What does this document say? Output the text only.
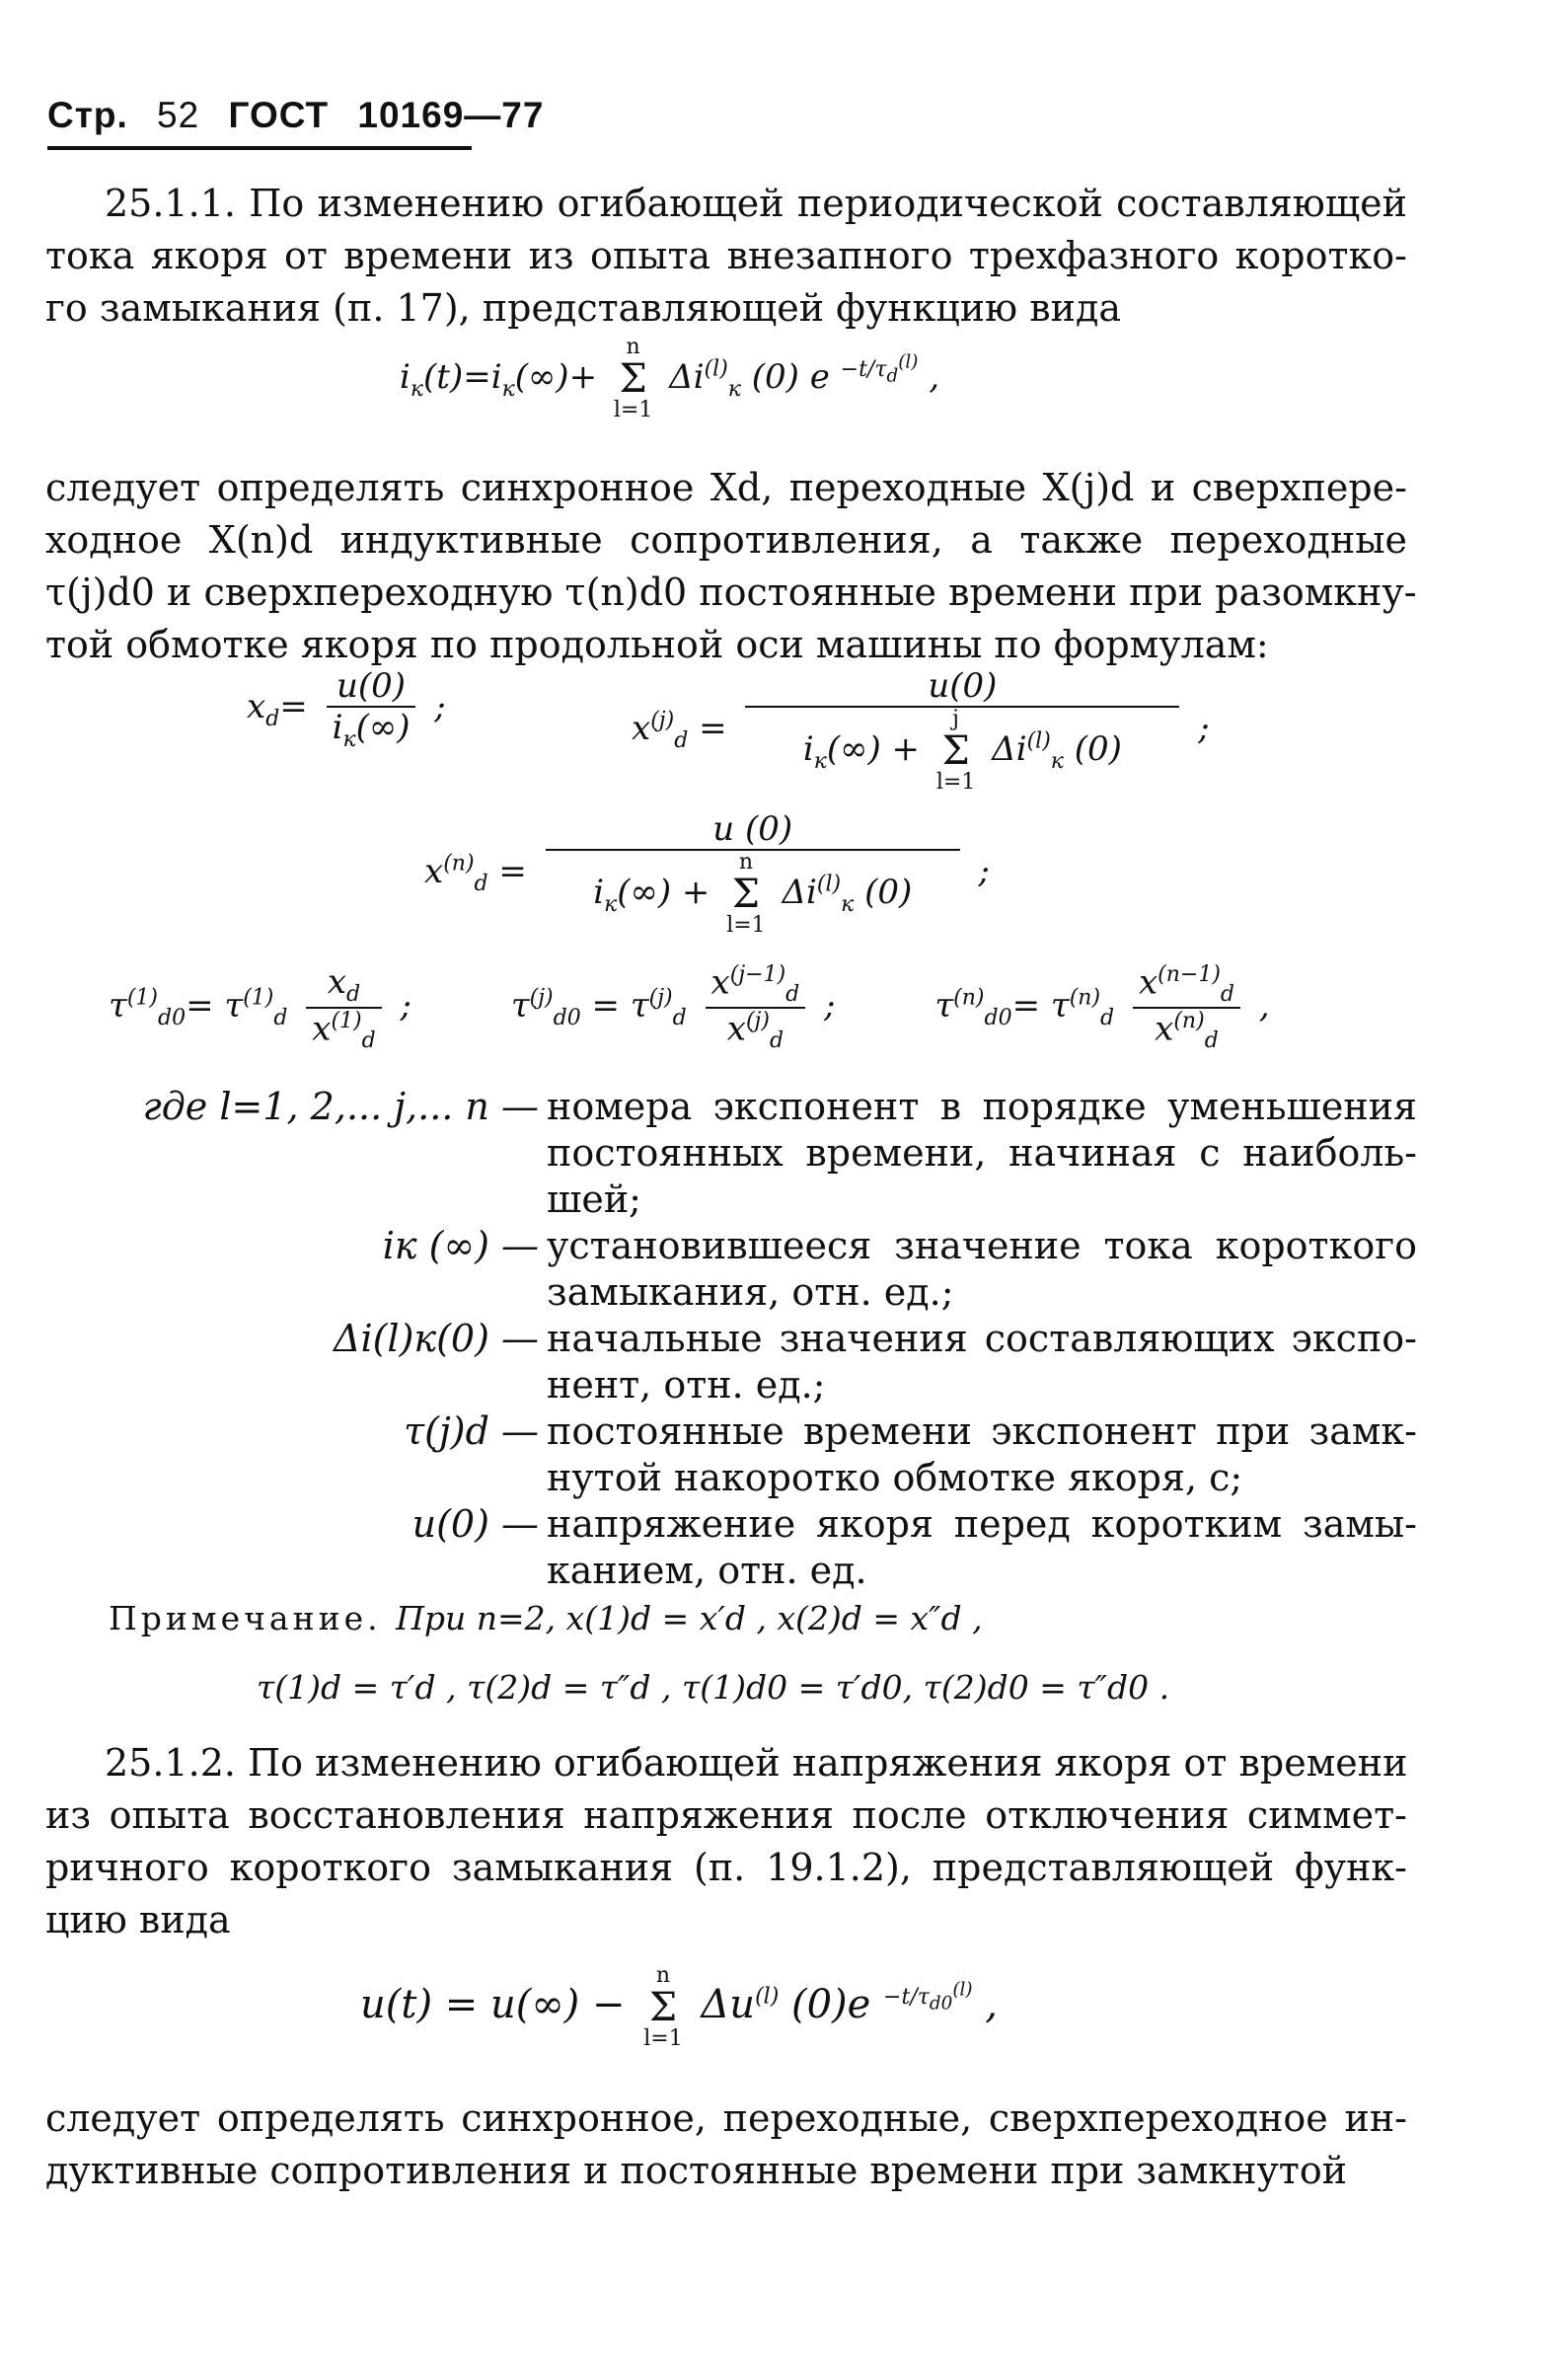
Стр. 52 ГОСТ 10169—77
25.1.1. По изменению огибающей периодической составляющей
тока якоря от времени из опыта внезапного трехфазного коротко-
го замыкания (п. 17), представляющей функцию вида
$i_к(t)=i_к(\infty)+ n$
Σ
l=1 $\Delta i^{(l)}_к$ (0) e $^{-t/\tau_d^{(l)}}$ ,
следует определять синхронное Xd, переходные X(j)d и сверхпере-
ходное X(n)d индуктивные сопротивления, а также переходные
τ(j)d0 и сверхпереходную τ(n)d0 постоянные времени при разомкну-
той обмотке якоря по продольной оси машины по формулам:
$x_d= \frac{u(0)}{i_к(\infty)}$ ;
$x^{(j)}_d = u(0)$
$i_к(\infty) + j$
Σ
l=1 $\Delta i^{(l)}_к$ (0) ;
$x^{(n)}_d = u$ (0)
$i_к(\infty) + n$
Σ
l=1 $\Delta i^{(l)}_к$ (0) ;
$\tau^{(1)}_{d0}= \tau^{(1)}_d \frac{x_d}{x^{(1)}_d}$ ;	$\tau^{(j)}_{d0} = \tau^{(j)}_d \frac{x^{(j-1)}_d}{x^{(j)}_d}$ ;	$\tau^{(n)}_{d0}= \tau^{(n)}_d \frac{x^{(n-1)}_d}{x^{(n)}_d}$ ,
где l=1, 2,... j,... n — номера экспонент в порядке уменьшения постоянных времени, начиная с наиболь-шей;
iк (∞) — установившееся значение тока короткого замыкания, отн. ед.;
Δi(l)к(0) — начальные значения составляющих экспо-нент, отн. ед.;
τ(j)d — постоянные времени экспонент при замк-нутой накоротко обмотке якоря, с;
u(0) — напряжение якоря перед коротким замы-канием, отн. ед.
Примечание. При n=2, x(1)d = x′d , x(2)d = x″d ,
τ(1)d = τ′d , τ(2)d = τ″d , τ(1)d0 = τ′d0, τ(2)d0 = τ″d0 .
25.1.2. По изменению огибающей напряжения якоря от времени
из опыта восстановления напряжения после отключения симмет-
ричного короткого замыкания (п. 19.1.2), представляющей функ-
цию вида
u(t) = u(∞) − n
Σ
l=1 $\Delta u^{(l)}$ (0)e $^{-t/\tau_{d0}^{(l)}}$ ,
следует определять синхронное, переходные, сверхпереходное ин-
дуктивные сопротивления и постоянные времени при замкнутой
